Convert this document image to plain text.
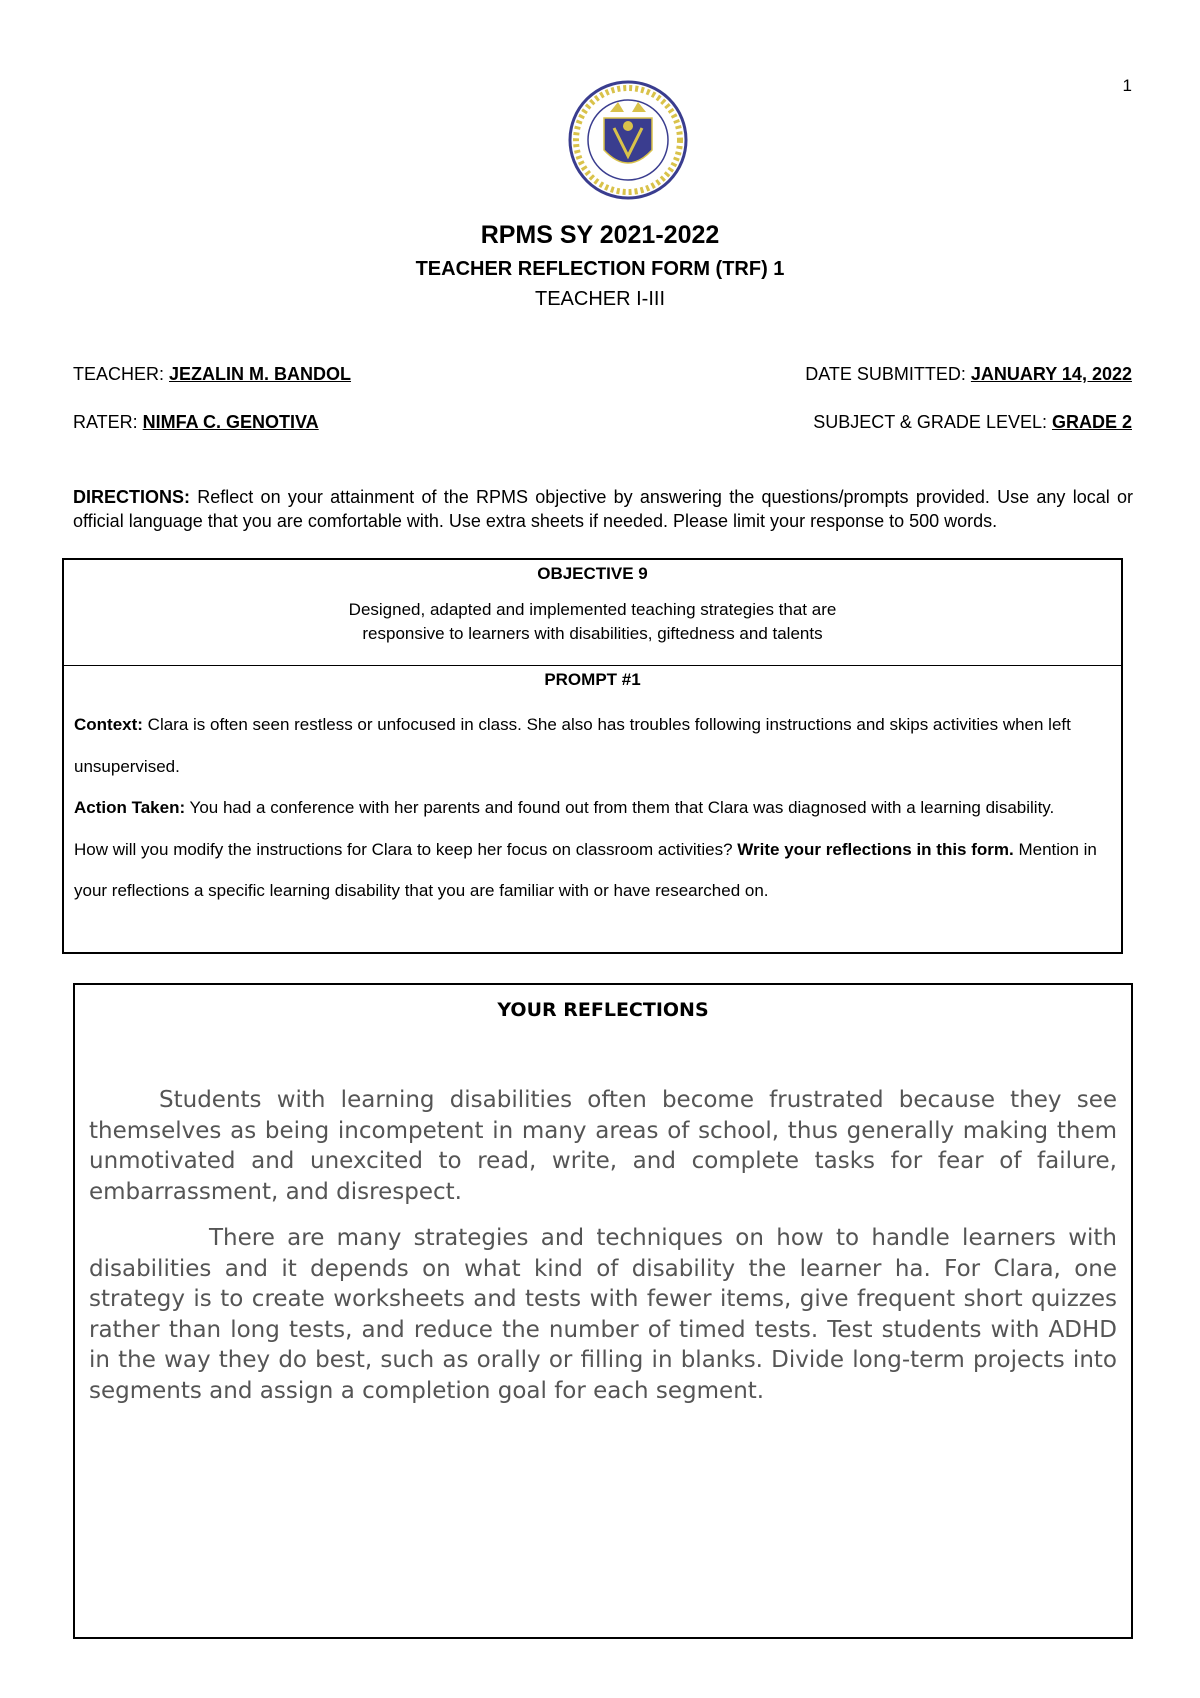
1
RPMS SY 2021-2022
TEACHER REFLECTION FORM (TRF) 1
TEACHER I-III
TEACHER: JEZALIN M. BANDOL	DATE SUBMITTED: JANUARY 14, 2022
RATER: NIMFA C. GENOTIVA	SUBJECT & GRADE LEVEL: GRADE 2
DIRECTIONS: Reflect on your attainment of the RPMS objective by answering the questions/prompts provided. Use any local or official language that you are comfortable with. Use extra sheets if needed. Please limit your response to 500 words.
OBJECTIVE 9
Designed, adapted and implemented teaching strategies that are
responsive to learners with disabilities, giftedness and talents
PROMPT #1
Context: Clara is often seen restless or unfocused in class. She also has troubles following instructions and skips activities when left unsupervised.
Action Taken: You had a conference with her parents and found out from them that Clara was diagnosed with a learning disability.
How will you modify the instructions for Clara to keep her focus on classroom activities? Write your reflections in this form. Mention in your reflections a specific learning disability that you are familiar with or have researched on.
YOUR REFLECTIONS

Students with learning disabilities often become frustrated because they see themselves as being incompetent in many areas of school, thus generally making them unmotivated and unexcited to read, write, and complete tasks for fear of failure, embarrassment, and disrespect.

There are many strategies and techniques on how to handle learners with disabilities and it depends on what kind of disability the learner ha. For Clara, one strategy is to create worksheets and tests with fewer items, give frequent short quizzes rather than long tests, and reduce the number of timed tests. Test students with ADHD in the way they do best, such as orally or filling in blanks. Divide long-term projects into segments and assign a completion goal for each segment.
